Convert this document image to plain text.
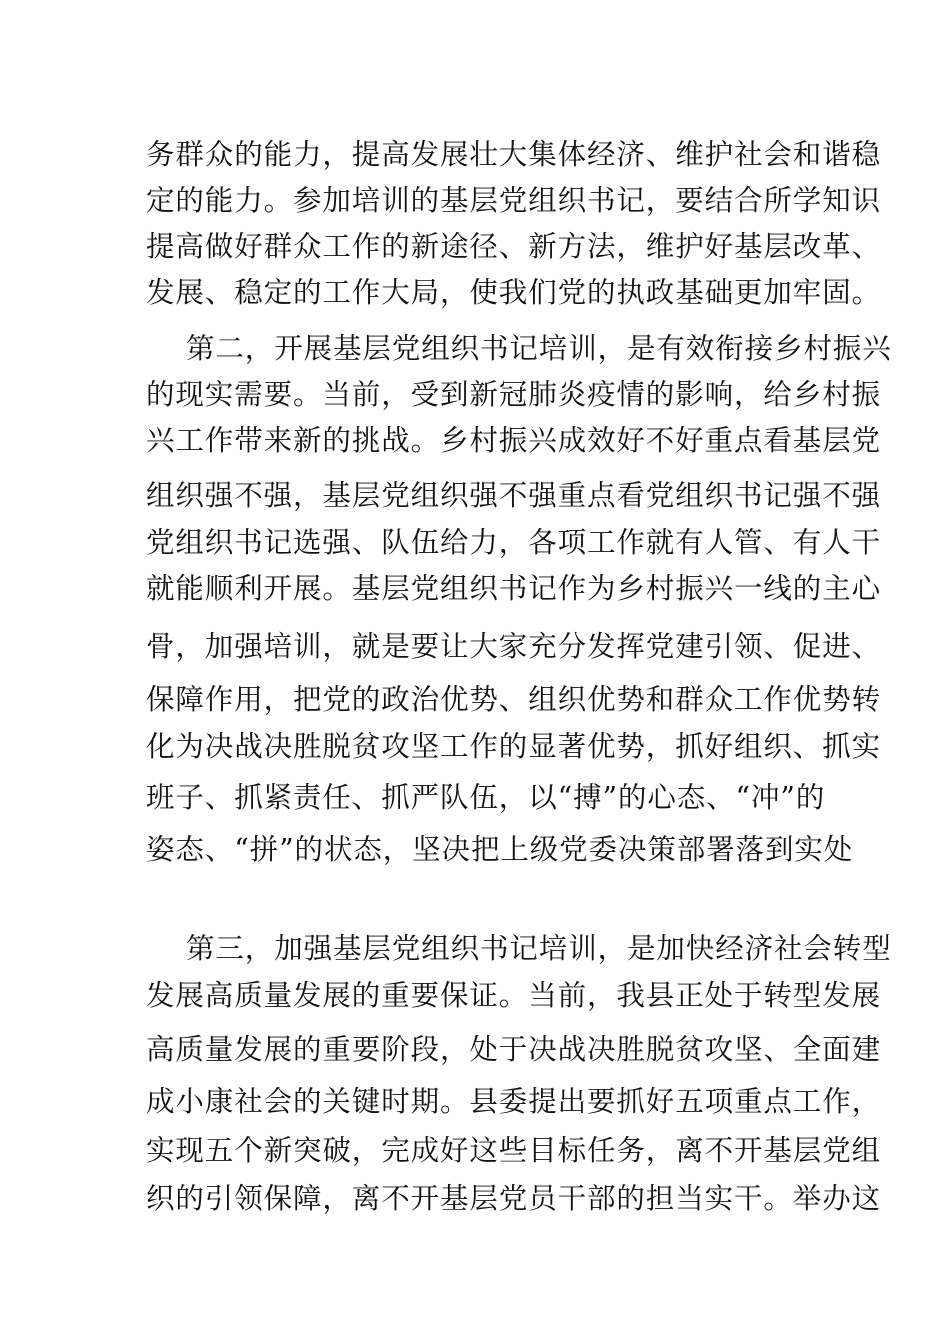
务群众的能力，提高发展壮大集体经济、维护社会和谐稳
定的能力。参加培训的基层党组织书记，要结合所学知识
提高做好群众工作的新途径、新方法，维护好基层改革、
发展、稳定的工作大局，使我们党的执政基础更加牢固。
第二，开展基层党组织书记培训，是有效衔接乡村振兴
的现实需要。当前，受到新冠肺炎疫情的影响，给乡村振
兴工作带来新的挑战。乡村振兴成效好不好重点看基层党
组织强不强，基层党组织强不强重点看党组织书记强不强
党组织书记选强、队伍给力，各项工作就有人管、有人干
就能顺利开展。基层党组织书记作为乡村振兴一线的主心
骨，加强培训，就是要让大家充分发挥党建引领、促进、
保障作用，把党的政治优势、组织优势和群众工作优势转
化为决战决胜脱贫攻坚工作的显著优势，抓好组织、抓实
班子、抓紧责任、抓严队伍，以“搏”的心态、“冲”的
姿态、“拼”的状态，坚决把上级党委决策部署落到实处
第三，加强基层党组织书记培训，是加快经济社会转型
发展高质量发展的重要保证。当前，我县正处于转型发展
高质量发展的重要阶段，处于决战决胜脱贫攻坚、全面建
成小康社会的关键时期。县委提出要抓好五项重点工作，
实现五个新突破，完成好这些目标任务，离不开基层党组
织的引领保障，离不开基层党员干部的担当实干。举办这
